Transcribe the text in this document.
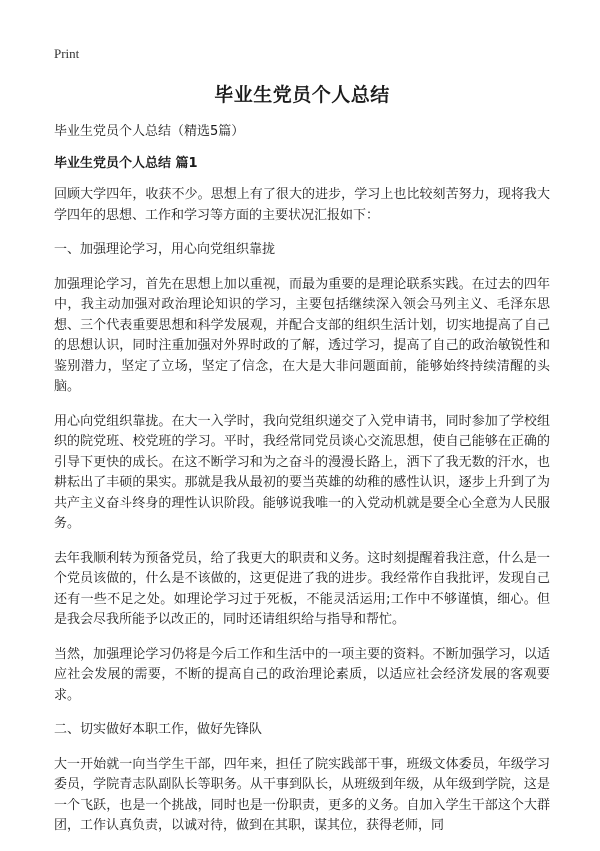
Print
毕业生党员个人总结
毕业生党员个人总结（精选5篇）
毕业生党员个人总结 篇1

回顾大学四年，收获不少。思想上有了很大的进步，学习上也比较刻苦努力，现将我大学四年的思想、工作和学习等方面的主要状况汇报如下：

一、加强理论学习，用心向党组织靠拢

加强理论学习，首先在思想上加以重视，而最为重要的是理论联系实践。在过去的四年中，我主动加强对政治理论知识的学习，主要包括继续深入领会马列主义、毛泽东思想、三个代表重要思想和科学发展观，并配合支部的组织生活计划，切实地提高了自己的思想认识，同时注重加强对外界时政的了解，透过学习，提高了自己的政治敏锐性和鉴别潜力，坚定了立场，坚定了信念，在大是大非问题面前，能够始终持续清醒的头脑。

用心向党组织靠拢。在大一入学时，我向党组织递交了入党申请书，同时参加了学校组织的院党班、校党班的学习。平时，我经常同党员谈心交流思想，使自己能够在正确的引导下更快的成长。在这不断学习和为之奋斗的漫漫长路上，洒下了我无数的汗水，也耕耘出了丰硕的果实。那就是我从最初的要当英雄的幼稚的感性认识，逐步上升到了为共产主义奋斗终身的理性认识阶段。能够说我唯一的入党动机就是要全心全意为人民服务。

去年我顺利转为预备党员，给了我更大的职责和义务。这时刻提醒着我注意，什么是一个党员该做的，什么是不该做的，这更促进了我的进步。我经常作自我批评，发现自己还有一些不足之处。如理论学习过于死板，不能灵活运用;工作中不够谨慎，细心。但是我会尽我所能予以改正的，同时还请组织给与指导和帮忙。

当然，加强理论学习仍将是今后工作和生活中的一项主要的资料。不断加强学习，以适应社会发展的需要，不断的提高自己的政治理论素质，以适应社会经济发展的客观要求。

二、切实做好本职工作，做好先锋队

大一开始就一向当学生干部，四年来，担任了院实践部干事，班级文体委员，年级学习委员，学院青志队副队长等职务。从干事到队长，从班级到年级，从年级到学院，这是一个飞跃，也是一个挑战，同时也是一份职责，更多的义务。自加入学生干部这个大群团，工作认真负责，以诚对待，做到在其职，谋其位，获得老师，同
